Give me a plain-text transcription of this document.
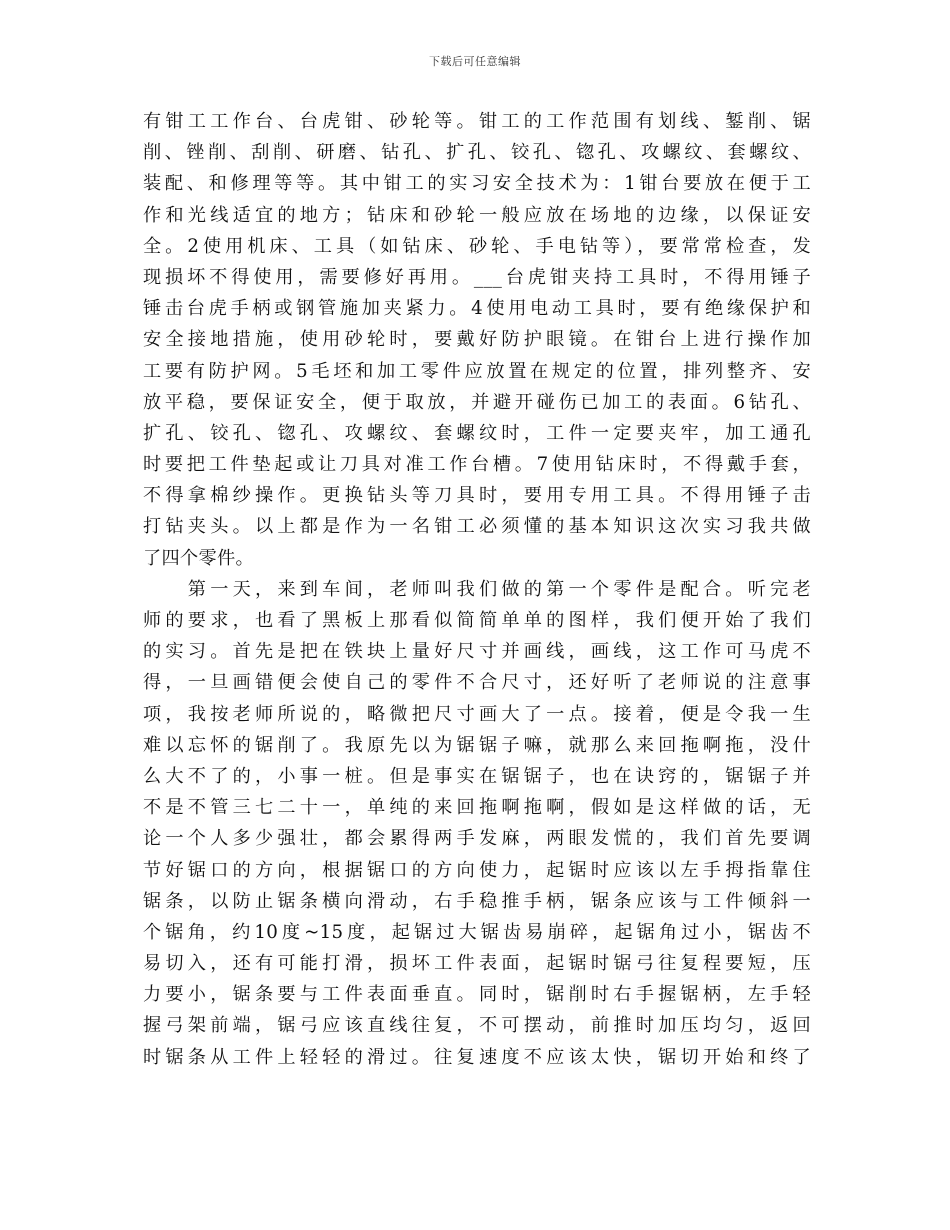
下载后可任意编辑
有钳工工作台、台虎钳、砂轮等。钳工的工作范围有划线、錾削、锯
削、锉削、刮削、研磨、钻孔、扩孔、铰孔、锪孔、攻螺纹、套螺纹、
装配、和修理等等。其中钳工的实习安全技术为：1钳台要放在便于工
作和光线适宜的地方；钻床和砂轮一般应放在场地的边缘，以保证安
全。2使用机床、工具（如钻床、砂轮、手电钻等），要常常检查，发
现损坏不得使用，需要修好再用。___台虎钳夹持工具时，不得用锤子
锤击台虎手柄或钢管施加夹紧力。4使用电动工具时，要有绝缘保护和
安全接地措施，使用砂轮时，要戴好防护眼镜。在钳台上进行操作加
工要有防护网。5毛坯和加工零件应放置在规定的位置，排列整齐、安
放平稳，要保证安全，便于取放，并避开碰伤已加工的表面。6钻孔、
扩孔、铰孔、锪孔、攻螺纹、套螺纹时，工件一定要夹牢，加工通孔
时要把工件垫起或让刀具对准工作台槽。7使用钻床时，不得戴手套，
不得拿棉纱操作。更换钻头等刀具时，要用专用工具。不得用锤子击
打钻夹头。以上都是作为一名钳工必须懂的基本知识这次实习我共做
了四个零件。
　　第一天，来到车间，老师叫我们做的第一个零件是配合。听完老
师的要求，也看了黑板上那看似简简单单的图样，我们便开始了我们
的实习。首先是把在铁块上量好尺寸并画线，画线，这工作可马虎不
得，一旦画错便会使自己的零件不合尺寸，还好听了老师说的注意事
项，我按老师所说的，略微把尺寸画大了一点。接着，便是令我一生
难以忘怀的锯削了。我原先以为锯锯子嘛，就那么来回拖啊拖，没什
么大不了的，小事一桩。但是事实在锯锯子，也在诀窍的，锯锯子并
不是不管三七二十一，单纯的来回拖啊拖啊，假如是这样做的话，无
论一个人多少强壮，都会累得两手发麻，两眼发慌的，我们首先要调
节好锯口的方向，根据锯口的方向使力，起锯时应该以左手拇指靠住
锯条，以防止锯条横向滑动，右手稳推手柄，锯条应该与工件倾斜一
个锯角，约10度~15度，起锯过大锯齿易崩碎，起锯角过小，锯齿不
易切入，还有可能打滑，损坏工件表面，起锯时锯弓往复程要短，压
力要小，锯条要与工件表面垂直。同时，锯削时右手握锯柄，左手轻
握弓架前端，锯弓应该直线往复，不可摆动，前推时加压均匀，返回
时锯条从工件上轻轻的滑过。往复速度不应该太快，锯切开始和终了
